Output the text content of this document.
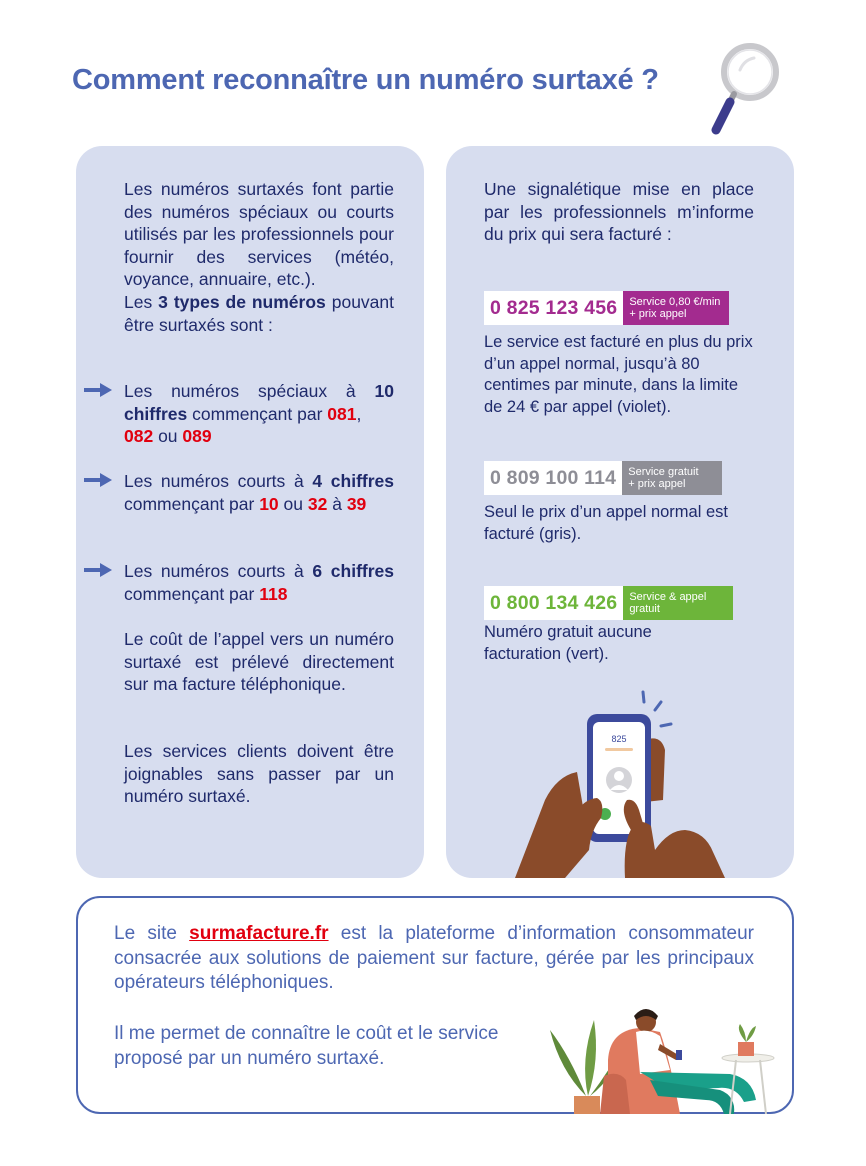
Comment reconnaître un numéro surtaxé ?
Les numéros surtaxés font partie des numéros spéciaux ou courts utilisés par les professionnels pour fournir des services (météo, voyance, annuaire, etc.).
Les 3 types de numéros pouvant être surtaxés sont :
Les numéros spéciaux à 10 chiffres commençant par 081,
082 ou 089
Les numéros courts à 4 chiffres commençant par 10 ou 32 à 39
Les numéros courts à 6 chiffres commençant par 118
Le coût de l’appel vers un numéro surtaxé est prélevé directement sur ma facture téléphonique.
Les services clients doivent être joignables sans passer par un numéro surtaxé.
825
Une signalétique mise en place par les professionnels m’informe du prix qui sera facturé :
0 825 123 456	Service 0,80 €/min
+ prix appel
Le service est facturé en plus du prix d’un appel normal, jusqu’à 80 centimes par minute, dans la limite de 24 € par appel (violet).
0 809 100 114	Service gratuit
+ prix appel
Seul le prix d’un appel normal est facturé (gris).
0 800 134 426	Service & appel
gratuit
Numéro gratuit aucune facturation (vert).
Le site surmafacture.fr est la plateforme d’information consommateur consacrée aux solutions de paiement sur facture, gérée par les principaux opérateurs téléphoniques.
Il me permet de connaître le coût et le service proposé par un numéro surtaxé.
